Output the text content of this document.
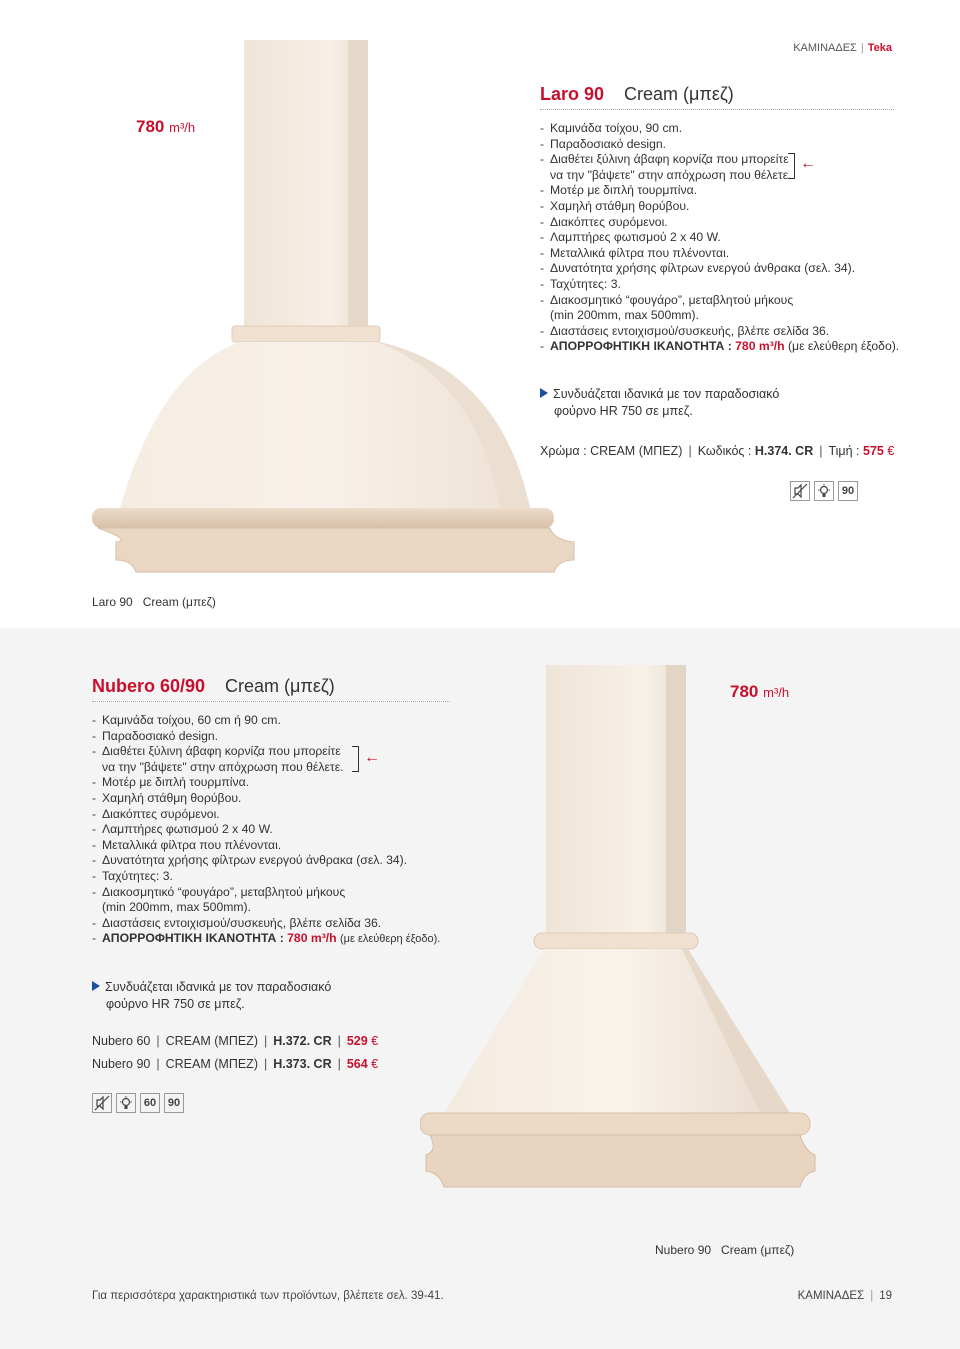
ΚΑΜΙΝΑΔΕΣ | Teka
780 m³/h
Laro 90 Cream (μπεζ)
- Καμινάδα τοίχου, 90 cm.
- Παραδοσιακό design.
- Διαθέτει ξύλινη άβαφη κορνίζα που μπορείτε
να την "βάψετε" στην απόχρωση που θέλετε.
- Μοτέρ με διπλή τουρμπίνα.
- Χαμηλή στάθμη θορύβου.
- Διακόπτες συρόμενοι.
- Λαμπτήρες φωτισμού 2 x 40 W.
- Μεταλλικά φίλτρα που πλένονται.
- Δυνατότητα χρήσης φίλτρων ενεργού άνθρακα (σελ. 34).
- Ταχύτητες: 3.
- Διακοσμητικό “φουγάρο”, μεταβλητού μήκους
(min 200mm, max 500mm).
- Διαστάσεις εντοιχισμού/συσκευής, βλέπε σελίδα 36.
- ΑΠΟΡΡΟΦΗΤΙΚΗ ΙΚΑΝΟΤΗΤΑ : 780 m³/h (με ελεύθερη έξοδο).
←
Συνδυάζεται ιδανικά με τον παραδοσιακό
φούρνο HR 750 σε μπεζ.
Χρώμα : CREAM (ΜΠΕΖ) | Κωδικός : H.374. CR | Τιμή : 575 €
90
Laro 90 Cream (μπεζ)
Nubero 60/90 Cream (μπεζ)	780 m³/h
- Καμινάδα τοίχου, 60 cm ή 90 cm.
- Παραδοσιακό design.
- Διαθέτει ξύλινη άβαφη κορνίζα που μπορείτε
να την "βάψετε" στην απόχρωση που θέλετε.
- Μοτέρ με διπλή τουρμπίνα.
- Χαμηλή στάθμη θορύβου.
- Διακόπτες συρόμενοι.
- Λαμπτήρες φωτισμού 2 x 40 W.
- Μεταλλικά φίλτρα που πλένονται.
- Δυνατότητα χρήσης φίλτρων ενεργού άνθρακα (σελ. 34).
- Ταχύτητες: 3.
- Διακοσμητικό “φουγάρο”, μεταβλητού μήκους
(min 200mm, max 500mm).
- Διαστάσεις εντοιχισμού/συσκευής, βλέπε σελίδα 36.
- ΑΠΟΡΡΟΦΗΤΙΚΗ ΙΚΑΝΟΤΗΤΑ : 780 m³/h (με ελεύθερη έξοδο).
←
Συνδυάζεται ιδανικά με τον παραδοσιακό
φούρνο HR 750 σε μπεζ.
Nubero 60 | CREAM (ΜΠΕΖ) | H.372. CR | 529 €
Nubero 90 | CREAM (ΜΠΕΖ) | H.373. CR | 564 €
60	90
Nubero 90 Cream (μπεζ)
Για περισσότερα χαρακτηριστικά των προϊόντων, βλέπετε σελ. 39-41.	ΚΑΜΙΝΑΔΕΣ | 19
